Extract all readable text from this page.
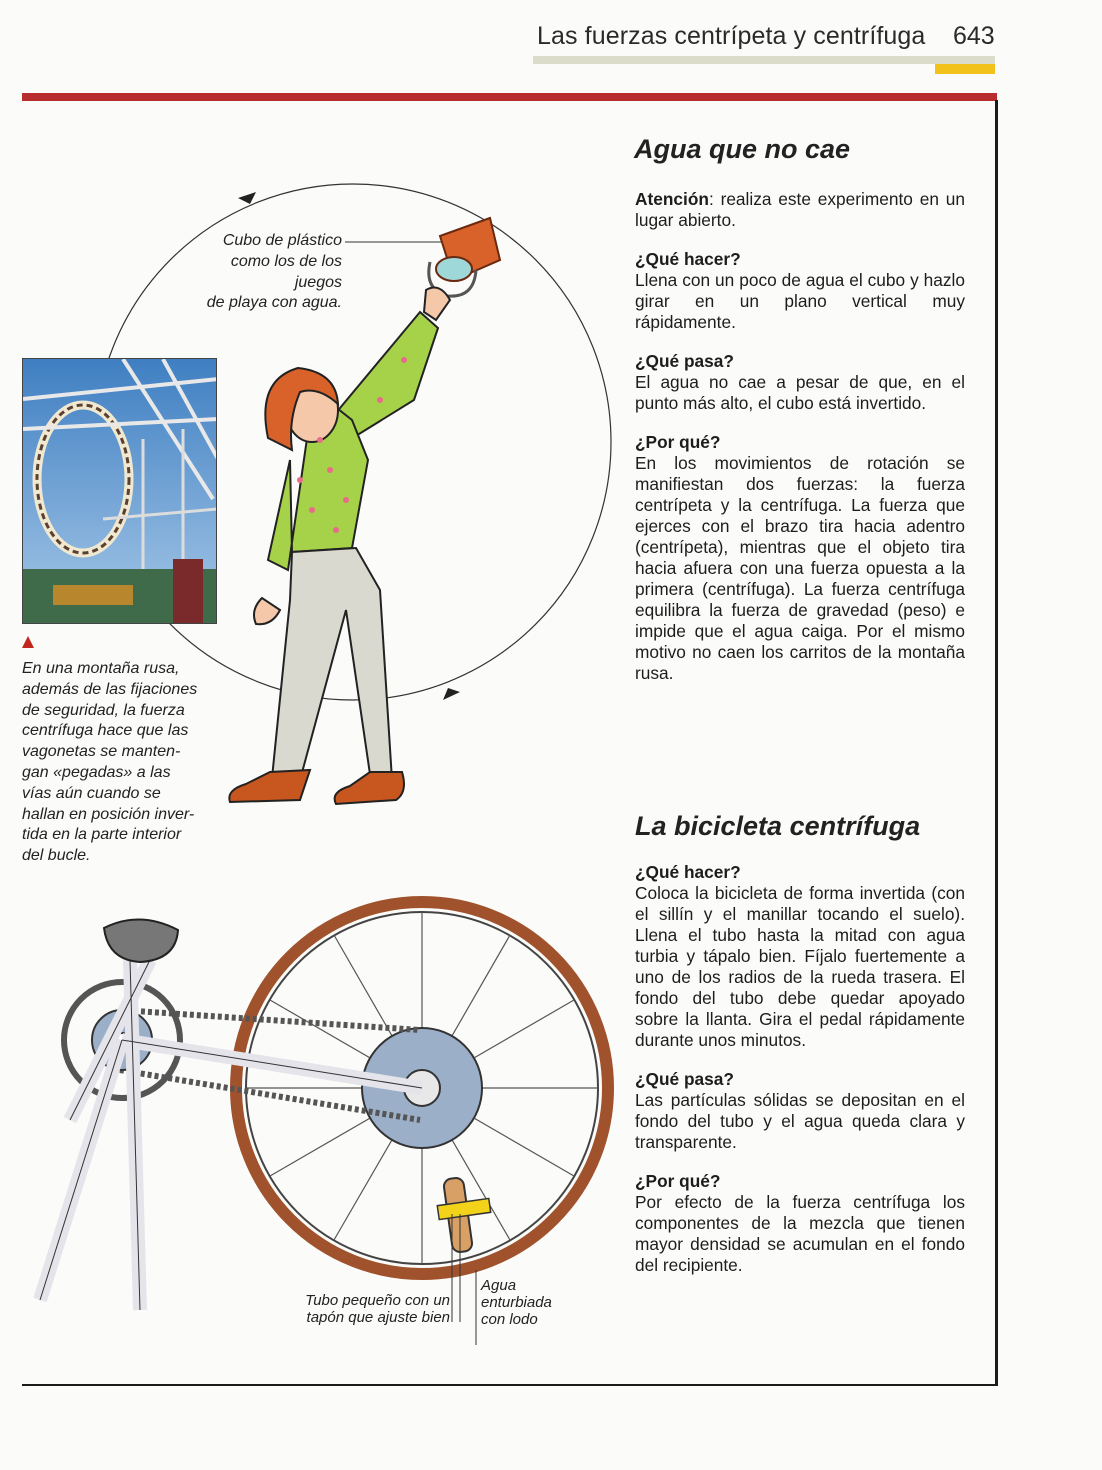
Las fuerzas centrípeta y centrífuga 643
Cubo de plástico
como los de los juegos
de playa con agua.
En una montaña rusa,
además de las fijaciones
de seguridad, la fuerza
centrífuga hace que las
vagonetas se manten-
gan «pegadas» a las
vías aún cuando se
hallan en posición inver-
tida en la parte interior
del bucle.
Tubo pequeño con un
tapón que ajuste bien
Agua
enturbiada
con lodo
Agua que no cae

Atención: realiza este experimento en un lugar abierto.

¿Qué hacer?

Llena con un poco de agua el cubo y hazlo girar en un plano vertical muy rápidamente.

¿Qué pasa?

El agua no cae a pesar de que, en el punto más alto, el cubo está invertido.

¿Por qué?

En los movimientos de rotación se manifiestan dos fuerzas: la fuerza centrípeta y la centrífuga. La fuerza que ejerces con el brazo tira hacia adentro (centrípeta), mientras que el objeto tira hacia afuera con una fuerza opuesta a la primera (centrífuga). La fuerza centrífuga equilibra la fuerza de gravedad (peso) e impide que el agua caiga. Por el mismo motivo no caen los carritos de la montaña rusa.

La bicicleta centrífuga
¿Qué hacer?

Coloca la bicicleta de forma invertida (con el sillín y el manillar tocando el suelo). Llena el tubo hasta la mitad con agua turbia y tápalo bien. Fíjalo fuertemente a uno de los radios de la rueda trasera. El fondo del tubo debe quedar apoyado sobre la llanta. Gira el pedal rápidamente durante unos minutos.

¿Qué pasa?

Las partículas sólidas se depositan en el fondo del tubo y el agua queda clara y transparente.

¿Por qué?

Por efecto de la fuerza centrífuga los componentes de la mezcla que tienen mayor densidad se acumulan en el fondo del recipiente.
